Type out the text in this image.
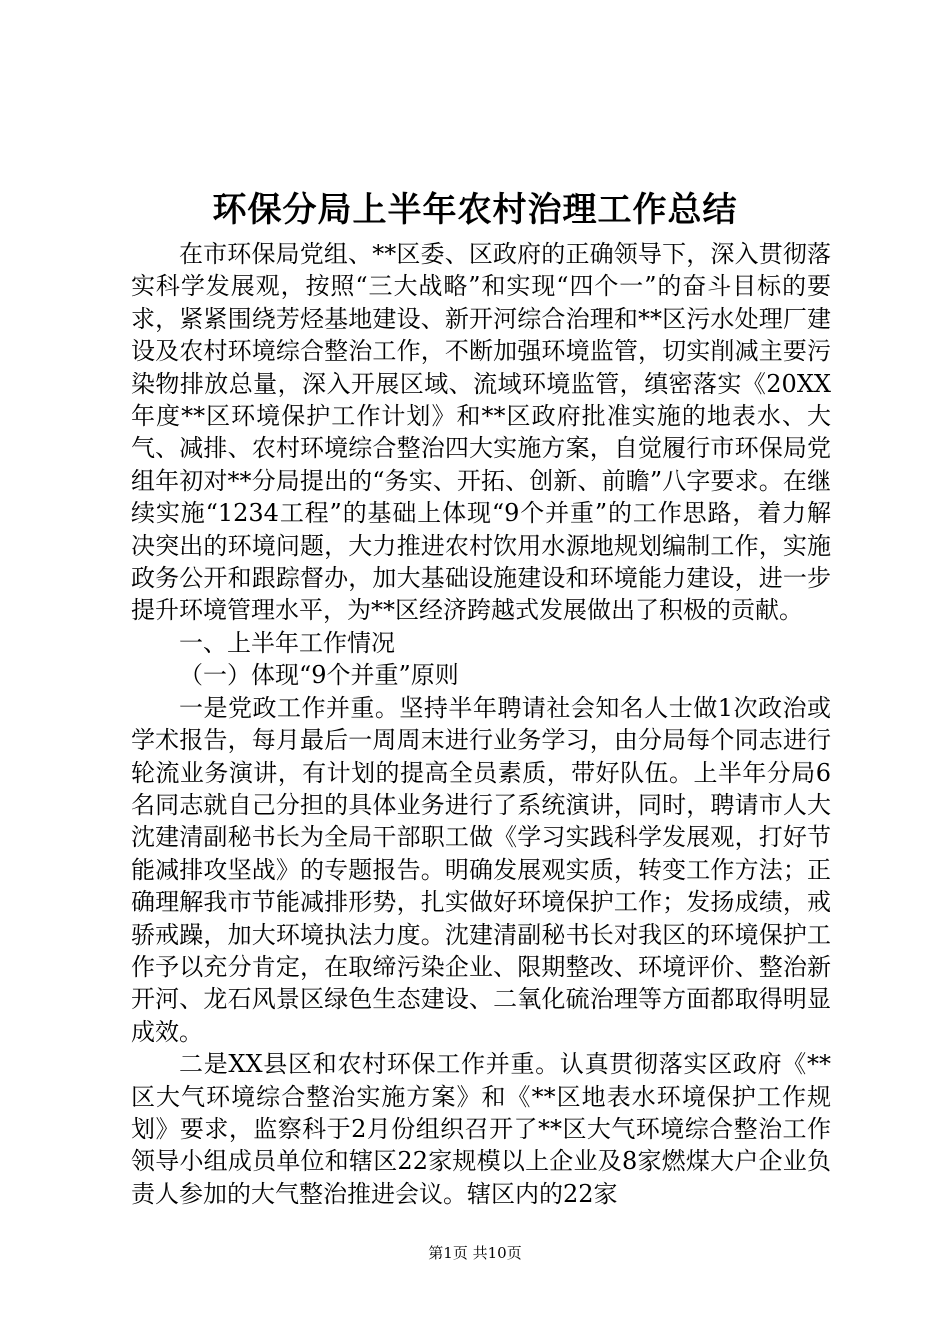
环保分局上半年农村治理工作总结

在市环保局党组、**区委、区政府的正确领导下，深入贯彻落实科学发展观，按照“三大战略”和实现“四个一”的奋斗目标的要求，紧紧围绕芳烃基地建设、新开河综合治理和**区污水处理厂建设及农村环境综合整治工作，不断加强环境监管，切实削减主要污染物排放总量，深入开展区域、流域环境监管，缜密落实《20XX年度**区环境保护工作计划》和**区政府批准实施的地表水、大气、减排、农村环境综合整治四大实施方案，自觉履行市环保局党组年初对**分局提出的“务实、开拓、创新、前瞻”八字要求。在继续实施“1234工程”的基础上体现“9个并重”的工作思路，着力解决突出的环境问题，大力推进农村饮用水源地规划编制工作，实施政务公开和跟踪督办，加大基础设施建设和环境能力建设，进一步提升环境管理水平，为**区经济跨越式发展做出了积极的贡献。

一、上半年工作情况

（一）体现“9个并重”原则

一是党政工作并重。坚持半年聘请社会知名人士做1次政治或学术报告，每月最后一周周末进行业务学习，由分局每个同志进行轮流业务演讲，有计划的提高全员素质，带好队伍。上半年分局6名同志就自己分担的具体业务进行了系统演讲，同时，聘请市人大沈建清副秘书长为全局干部职工做《学习实践科学发展观，打好节能减排攻坚战》的专题报告。明确发展观实质，转变工作方法；正确理解我市节能减排形势，扎实做好环境保护工作；发扬成绩，戒骄戒躁，加大环境执法力度。沈建清副秘书长对我区的环境保护工作予以充分肯定，在取缔污染企业、限期整改、环境评价、整治新开河、龙石风景区绿色生态建设、二氧化硫治理等方面都取得明显成效。

二是XX县区和农村环保工作并重。认真贯彻落实区政府《**区大气环境综合整治实施方案》和《**区地表水环境保护工作规划》要求，监察科于2月份组织召开了**区大气环境综合整治工作领导小组成员单位和辖区22家规模以上企业及8家燃煤大户企业负责人参加的大气整治推进会议。辖区内的22家

第1页 共10页
